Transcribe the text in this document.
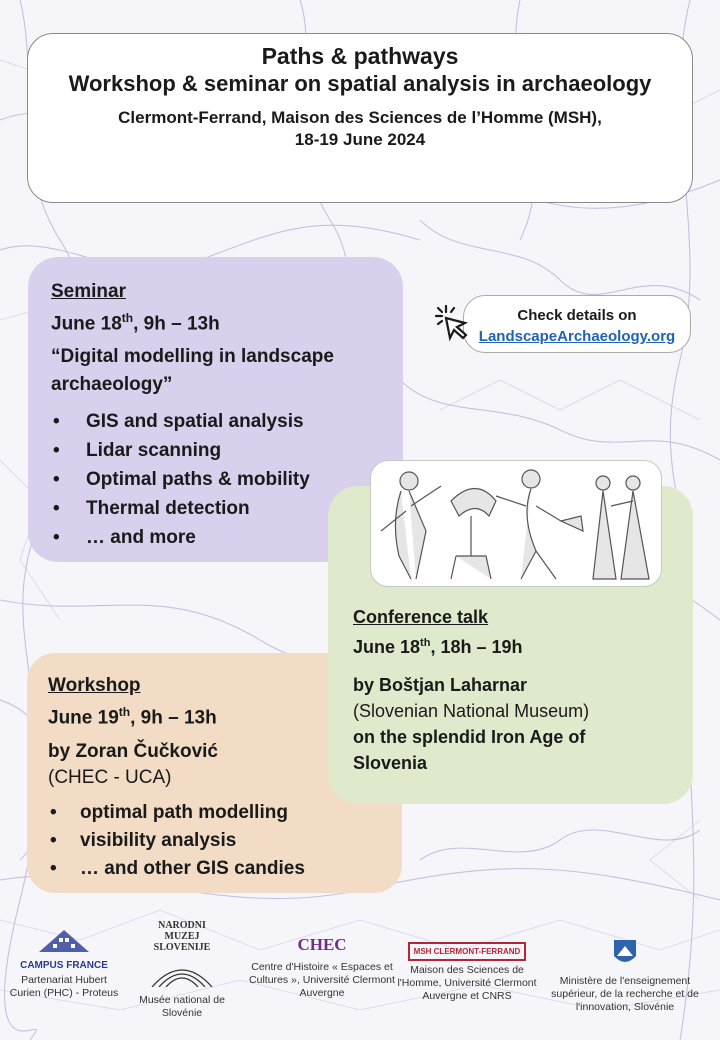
Paths & pathways
Workshop & seminar on spatial analysis in archaeology
Clermont-Ferrand, Maison des Sciences de l’Homme (MSH),
18-19 June 2024
Seminar
June 18th, 9h – 13h
“Digital modelling in landscape archaeology”
• GIS and spatial analysis
• Lidar scanning
• Optimal paths & mobility
• Thermal detection
• … and more
Check details on
LandscapeArchaeology.org
Conference talk
June 18th, 18h – 19h
by Boštjan Laharnar
(Slovenian National Museum)
on the splendid Iron Age of Slovenia
Workshop
June 19th, 9h – 13h
by Zoran Čučković
(CHEC - UCA)
• optimal path modelling
• visibility analysis
• … and other GIS candies
CAMPUS FRANCE
Partenariat Hubert Curien (PHC) - Proteus
NARODNI MUZEJ SLOVENIJE
Musée national de Slovénie
CHEC
Centre d'Histoire « Espaces et Cultures », Université Clermont Auvergne
MSH CLERMONT-FERRAND
Maison des Sciences de l'Homme, Université Clermont Auvergne et CNRS
Ministère de l'enseignement supérieur, de la recherche et de l'innovation, Slovénie
